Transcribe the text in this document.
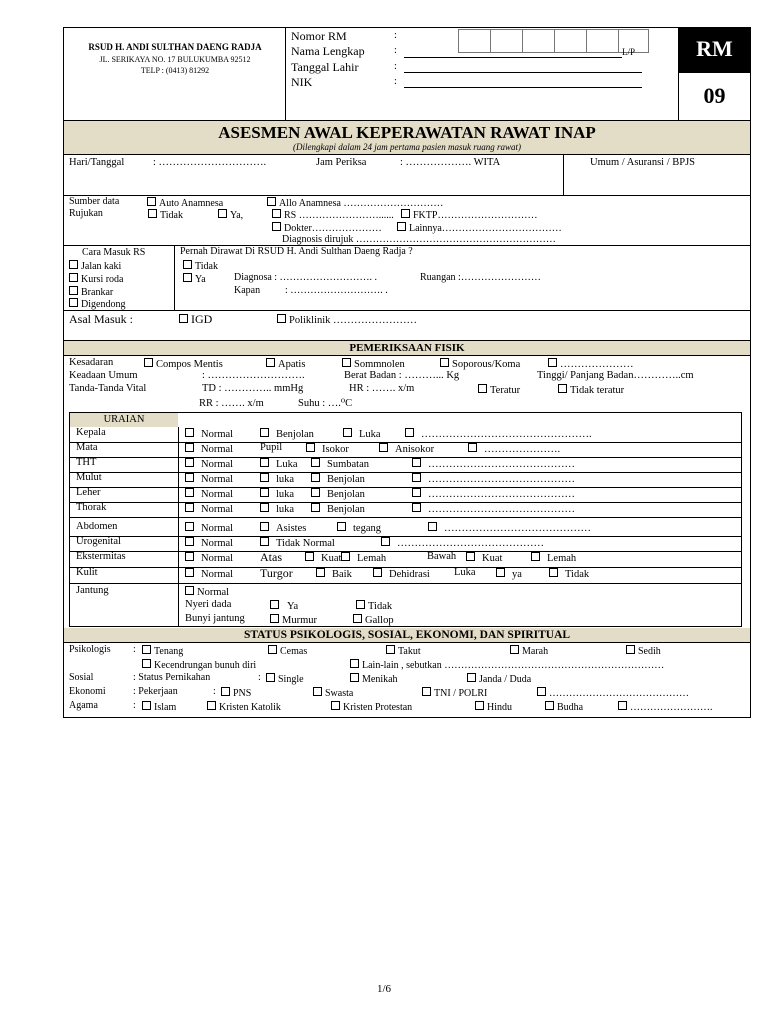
RSUD H. ANDI SULTHAN DAENG RADJA
JL. SERIKAYA NO. 17 BULUKUMBA 92512
TELP : (0413) 81292
Nomor RM
Nama Lengkap
Tanggal Lahir
NIK
:
:
:
:
L/P	RM
09
ASESMEN AWAL KEPERAWATAN RAWAT INAP
(Dilengkapi dalam 24 jam pertama pasien masuk ruang rawat)
Hari/Tanggal	: ………………………….	Jam Periksa	: ………………. WITA	Umum / Asuransi / BPJS
Sumber data	Auto Anamnesa	Allo Anamnesa …………………………
Rujukan	Tidak	Ya,	RS ……………………......	FKTP…………………………
Dokter…………………	Lainnya………………………………
Diagnosis dirujuk ……………………………………………………
Cara Masuk RS
Jalan kaki
Kursi roda
Brankar
Digendong
Pernah Dirawat Di RSUD H. Andi Sulthan Daeng Radja ?
Tidak
Ya	Diagnosa : ………………………. .	Ruangan :……………………
Kapan : ………………………. .
Asal Masuk :	IGD	Poliklinik ……………………
PEMERIKSAAN FISIK
Kesadaran	Compos Mentis	Apatis	Sommnolen	Soporous/Koma	…………………
Keadaan Umum	: ……………………….	Berat Badan : ………... Kg	Tinggi/ Panjang Badan…………..cm
Tanda-Tanda Vital	TD : ………….. mmHg	HR : ……. x/m	Teratur	Tidak teratur
RR : ……. x/m	Suhu : ….⁰C
URAIAN
Kepala	Normal	Benjolan	Luka	………………………………………….
Mata	Normal	Pupil	Isokor	Anisokor	………………….
THT	Normal	Luka	Sumbatan	……………………………………
Mulut	Normal	luka	Benjolan	……………………………………
Leher	Normal	luka	Benjolan	……………………………………
Thorak	Normal	luka	Benjolan	……………………………………
Abdomen	Normal	Asistes	tegang	……………………………………
Urogenital	Normal	Tidak Normal	……………………………………
Ekstermitas	Normal Atas	Kuat	Lemah	Bawah	Kuat	Lemah
Kulit	Normal Turgor	Baik	Dehidrasi Luka	ya	Tidak
Jantung	Normal
Nyeri dada	Ya	Tidak
Bunyi jantung	Murmur	Gallop
STATUS PSIKOLOGIS, SOSIAL, EKONOMI, DAN SPIRITUAL
Psikologis :	Tenang	Cemas	Takut	Marah	Sedih
Kecendrungan bunuh diri	Lain-lain , sebutkan …………………………………………………………
Sosial	: Status Pernikahan	:	Single	Menikah	Janda / Duda
Ekonomi	: Pekerjaan	:	PNS	Swasta	TNI / POLRI	……………………………………
Agama	:	Islam	Kristen Katolik	Kristen Protestan	Hindu	Budha	…………………….
1/6
